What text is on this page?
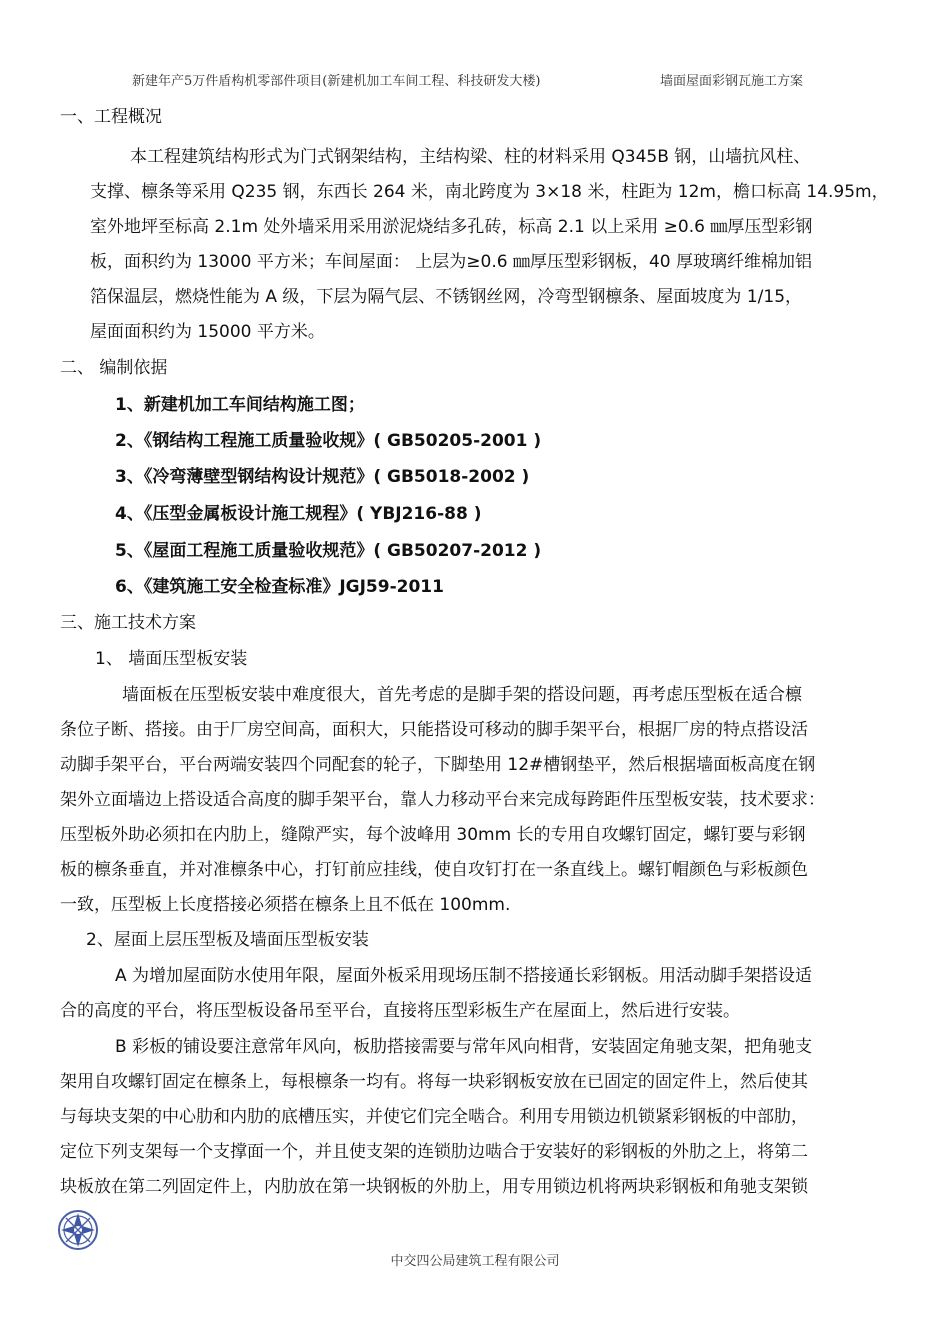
新建年产5万件盾构机零部件项目(新建机加工车间工程、科技研发大楼)	墙面屋面彩钢瓦施工方案
一、工程概况
本工程建筑结构形式为门式钢架结构，主结构梁、柱的材料采用 Q345B 钢，山墙抗风柱、
支撑、檩条等采用 Q235 钢，东西长 264 米，南北跨度为 3×18 米，柱距为 12m，檐口标高 14.95m，
室外地坪至标高 2.1m 处外墙采用采用淤泥烧结多孔砖，标高 2.1 以上采用 ≥0.6 ㎜厚压型彩钢
板，面积约为 13000 平方米；车间屋面： 上层为≥0.6 ㎜厚压型彩钢板，40 厚玻璃纤维棉加铝
箔保温层，燃烧性能为 A 级，下层为隔气层、不锈钢丝网，冷弯型钢檩条、屋面坡度为 1/15，
屋面面积约为 15000 平方米。
二、 编制依据
1、新建机加工车间结构施工图；
2、《钢结构工程施工质量验收规》( GB50205-2001 )
3、《冷弯薄壁型钢结构设计规范》( GB5018-2002 )
4、《压型金属板设计施工规程》( YBJ216-88 )
5、《屋面工程施工质量验收规范》( GB50207-2012 )
6、《建筑施工安全检查标准》JGJ59-2011
三、施工技术方案
1、 墙面压型板安装
墙面板在压型板安装中难度很大，首先考虑的是脚手架的搭设问题，再考虑压型板在适合檩
条位子断、搭接。由于厂房空间高，面积大，只能搭设可移动的脚手架平台，根据厂房的特点搭设活
动脚手架平台，平台两端安装四个同配套的轮子，下脚垫用 12#槽钢垫平，然后根据墙面板高度在钢
架外立面墙边上搭设适合高度的脚手架平台，靠人力移动平台来完成每跨距件压型板安装，技术要求：
压型板外助必须扣在内肋上，缝隙严实，每个波峰用 30mm 长的专用自攻螺钉固定，螺钉要与彩钢
板的檩条垂直，并对准檩条中心，打钉前应挂线，使自攻钉打在一条直线上。螺钉帽颜色与彩板颜色
一致，压型板上长度搭接必须搭在檩条上且不低在 100mm.
2、屋面上层压型板及墙面压型板安装
A 为增加屋面防水使用年限，屋面外板采用现场压制不搭接通长彩钢板。用活动脚手架搭设适
合的高度的平台，将压型板设备吊至平台，直接将压型彩板生产在屋面上，然后进行安装。
B 彩板的铺设要注意常年风向，板肋搭接需要与常年风向相背，安装固定角驰支架，把角驰支
架用自攻螺钉固定在檩条上，每根檩条一均有。将每一块彩钢板安放在已固定的固定件上，然后使其
与每块支架的中心肋和内肋的底槽压实，并使它们完全啮合。利用专用锁边机锁紧彩钢板的中部肋，
定位下列支架每一个支撑面一个，并且使支架的连锁肋边啮合于安装好的彩钢板的外肋之上，将第二
块板放在第二列固定件上，内肋放在第一块钢板的外肋上，用专用锁边机将两块彩钢板和角驰支架锁
中交四公局建筑工程有限公司
